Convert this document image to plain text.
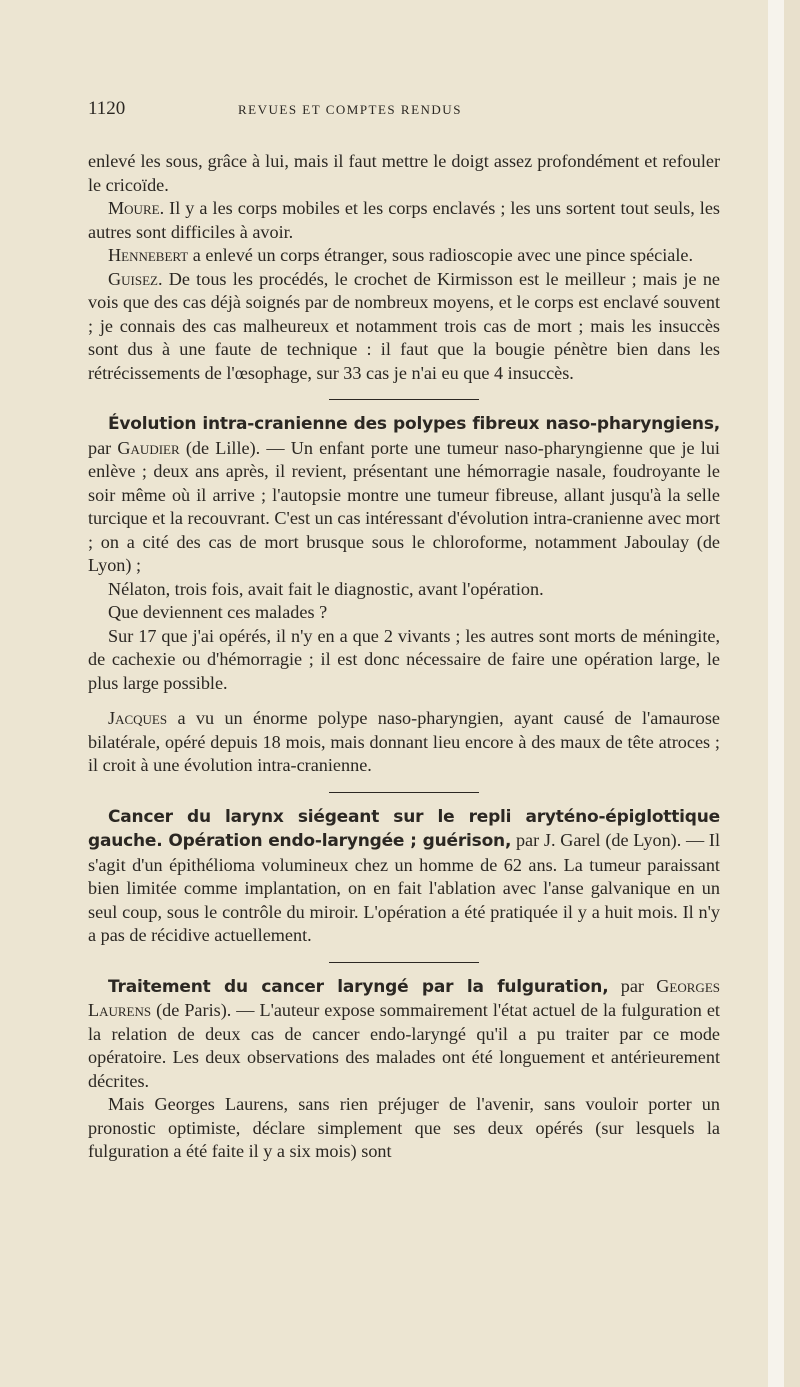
1120	REVUES ET COMPTES RENDUS

enlevé les sous, grâce à lui, mais il faut mettre le doigt assez profondément et refouler le cricoïde.

Moure. Il y a les corps mobiles et les corps enclavés ; les uns sortent tout seuls, les autres sont difficiles à avoir.

Hennebert a enlevé un corps étranger, sous radioscopie avec une pince spéciale.

Guisez. De tous les procédés, le crochet de Kirmisson est le meilleur ; mais je ne vois que des cas déjà soignés par de nombreux moyens, et le corps est enclavé souvent ; je connais des cas malheureux et notamment trois cas de mort ; mais les insuccès sont dus à une faute de technique : il faut que la bougie pénètre bien dans les rétrécissements de l'œsophage, sur 33 cas je n'ai eu que 4 insuccès.

Évolution intra-cranienne des polypes fibreux naso-pharyngiens, par Gaudier (de Lille). — Un enfant porte une tumeur naso-pharyngienne que je lui enlève ; deux ans après, il revient, présentant une hémorragie nasale, foudroyante le soir même où il arrive ; l'autopsie montre une tumeur fibreuse, allant jusqu'à la selle turcique et la recouvrant. C'est un cas intéressant d'évolution intra-cranienne avec mort ; on a cité des cas de mort brusque sous le chloroforme, notamment Jaboulay (de Lyon) ;

Nélaton, trois fois, avait fait le diagnostic, avant l'opération.

Que deviennent ces malades ?

Sur 17 que j'ai opérés, il n'y en a que 2 vivants ; les autres sont morts de méningite, de cachexie ou d'hémorragie ; il est donc nécessaire de faire une opération large, le plus large possible.

Jacques a vu un énorme polype naso-pharyngien, ayant causé de l'amaurose bilatérale, opéré depuis 18 mois, mais donnant lieu encore à des maux de tête atroces ; il croit à une évolution intra-cranienne.

Cancer du larynx siégeant sur le repli aryténo-épiglottique gauche. Opération endo-laryngée ; guérison, par J. Garel (de Lyon). — Il s'agit d'un épithélioma volumineux chez un homme de 62 ans. La tumeur paraissant bien limitée comme implantation, on en fait l'ablation avec l'anse galvanique en un seul coup, sous le contrôle du miroir. L'opération a été pratiquée il y a huit mois. Il n'y a pas de récidive actuellement.

Traitement du cancer laryngé par la fulguration, par Georges Laurens (de Paris). — L'auteur expose sommairement l'état actuel de la fulguration et la relation de deux cas de cancer endo-laryngé qu'il a pu traiter par ce mode opératoire. Les deux observations des malades ont été longuement et antérieurement décrites.

Mais Georges Laurens, sans rien préjuger de l'avenir, sans vouloir porter un pronostic optimiste, déclare simplement que ses deux opérés (sur lesquels la fulguration a été faite il y a six mois) sont
